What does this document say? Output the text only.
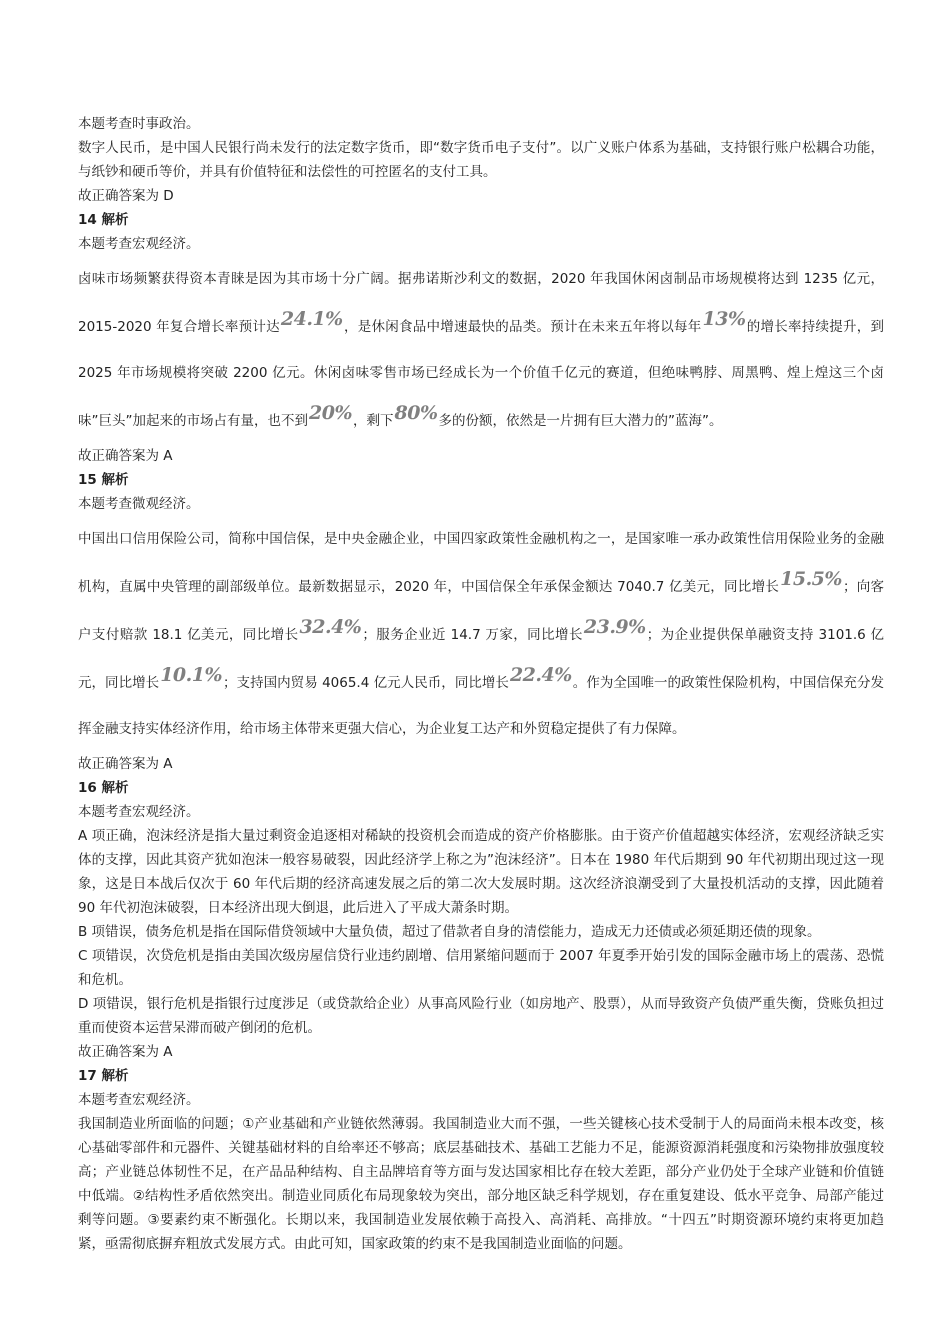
本题考查时事政治。

数字人民币，是中国人民银行尚未发行的法定数字货币，即“数字货币电子支付”。以广义账户体系为基础，支持银行账户松耦合功能，与纸钞和硬币等价，并具有价值特征和法偿性的可控匿名的支付工具。

故正确答案为 D

14 解析

本题考查宏观经济。

卤味市场频繁获得资本青睐是因为其市场十分广阔。据弗诺斯沙利文的数据，2020 年我国休闲卤制品市场规模将达到 1235 亿元，2015-2020 年复合增长率预计达24.1%，是休闲食品中增速最快的品类。预计在未来五年将以每年13%的增长率持续提升，到 2025 年市场规模将突破 2200 亿元。休闲卤味零售市场已经成长为一个价值千亿元的赛道，但绝味鸭脖、周黑鸭、煌上煌这三个卤味”巨头”加起来的市场占有量，也不到20%，剩下80%多的份额，依然是一片拥有巨大潜力的”蓝海”。

故正确答案为 A

15 解析

本题考查微观经济。

中国出口信用保险公司，简称中国信保，是中央金融企业，中国四家政策性金融机构之一，是国家唯一承办政策性信用保险业务的金融机构，直属中央管理的副部级单位。最新数据显示，2020 年，中国信保全年承保金额达 7040.7 亿美元，同比增长15.5%；向客户支付赔款 18.1 亿美元，同比增长32.4%；服务企业近 14.7 万家，同比增长23.9%；为企业提供保单融资支持 3101.6 亿元，同比增长10.1%；支持国内贸易 4065.4 亿元人民币，同比增长22.4%。作为全国唯一的政策性保险机构，中国信保充分发挥金融支持实体经济作用，给市场主体带来更强大信心，为企业复工达产和外贸稳定提供了有力保障。

故正确答案为 A

16 解析

本题考查宏观经济。

A 项正确，泡沫经济是指大量过剩资金追逐相对稀缺的投资机会而造成的资产价格膨胀。由于资产价值超越实体经济，宏观经济缺乏实体的支撑，因此其资产犹如泡沫一般容易破裂，因此经济学上称之为”泡沫经济”。日本在 1980 年代后期到 90 年代初期出现过这一现象，这是日本战后仅次于 60 年代后期的经济高速发展之后的第二次大发展时期。这次经济浪潮受到了大量投机活动的支撑，因此随着 90 年代初泡沫破裂，日本经济出现大倒退，此后进入了平成大萧条时期。

B 项错误，债务危机是指在国际借贷领域中大量负债，超过了借款者自身的清偿能力，造成无力还债或必须延期还债的现象。

C 项错误，次贷危机是指由美国次级房屋信贷行业违约剧增、信用紧缩问题而于 2007 年夏季开始引发的国际金融市场上的震荡、恐慌和危机。

D 项错误，银行危机是指银行过度涉足（或贷款给企业）从事高风险行业（如房地产、股票），从而导致资产负债严重失衡，贷账负担过重而使资本运营呆滞而破产倒闭的危机。

故正确答案为 A

17 解析

本题考查宏观经济。

我国制造业所面临的问题；①产业基础和产业链依然薄弱。我国制造业大而不强，一些关键核心技术受制于人的局面尚未根本改变，核心基础零部件和元器件、关键基础材料的自给率还不够高；底层基础技术、基础工艺能力不足，能源资源消耗强度和污染物排放强度较高；产业链总体韧性不足，在产品品种结构、自主品牌培育等方面与发达国家相比存在较大差距，部分产业仍处于全球产业链和价值链中低端。②结构性矛盾依然突出。制造业同质化布局现象较为突出，部分地区缺乏科学规划，存在重复建设、低水平竞争、局部产能过剩等问题。③要素约束不断强化。长期以来，我国制造业发展依赖于高投入、高消耗、高排放。“十四五”时期资源环境约束将更加趋紧，亟需彻底摒弃粗放式发展方式。由此可知，国家政策的约束不是我国制造业面临的问题。
